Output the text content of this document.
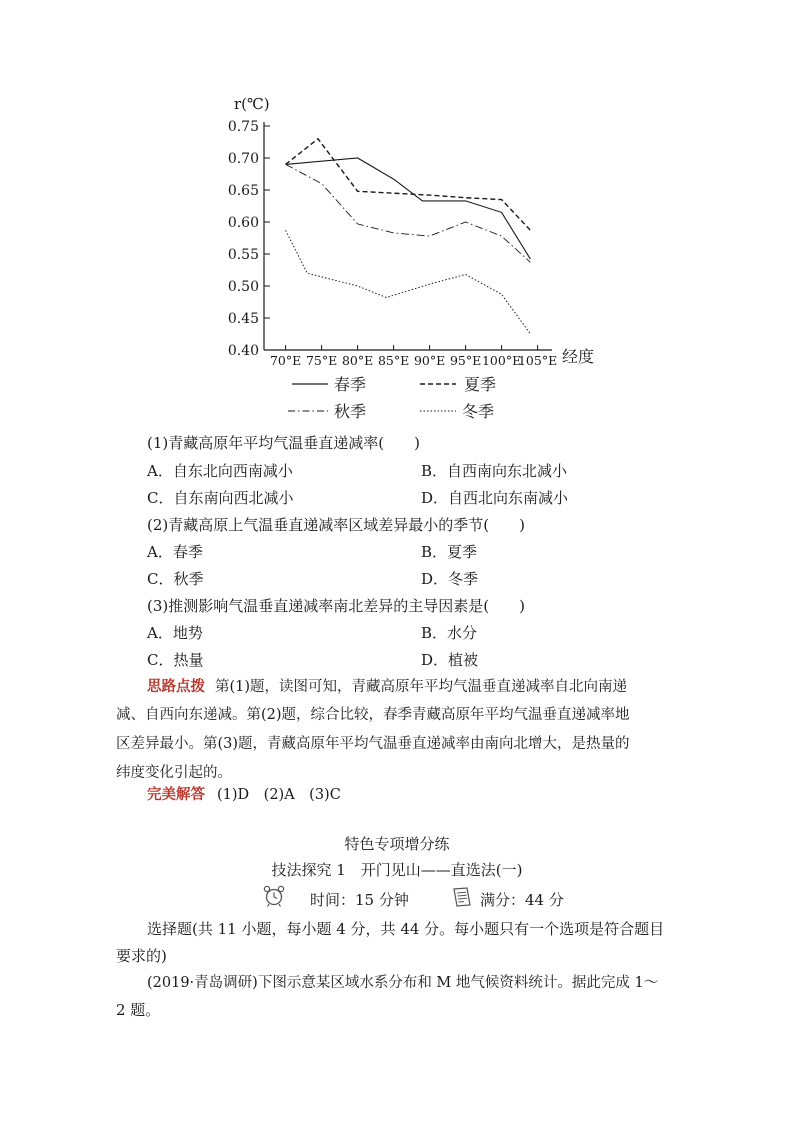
0.75
0.70
0.65
0.60
0.55
0.50
0.45
0.40
70°E 75°E 80°E 85°E 90°E 95°E 100°E
105°E
r(℃)
经度
春季	夏季
秋季	冬季
(1)青藏高原年平均气温垂直递减率(　　)
A．自东北向西南减小	B．自西南向东北减小
C．自东南向西北减小	D．自西北向东南减小
(2)青藏高原上气温垂直递减率区域差异最小的季节(　　)
A．春季	B．夏季
C．秋季	D．冬季
(3)推测影响气温垂直递减率南北差异的主导因素是(　　)
A．地势	B．水分
C．热量	D．植被
思路点拨 第(1)题，读图可知，青藏高原年平均气温垂直递减率自北向南递
减、自西向东递减。第(2)题，综合比较，春季青藏高原年平均气温垂直递减率地
区差异最小。第(3)题，青藏高原年平均气温垂直递减率由南向北增大，是热量的
纬度变化引起的。
完美解答 (1)D　(2)A　(3)C
特色专项增分练
技法探究 1　开门见山——直选法(一)
时间：15 分钟	满分：44 分
选择题(共 11 小题，每小题 4 分，共 44 分。每小题只有一个选项是符合题目
要求的)
(2019·青岛调研)下图示意某区域水系分布和 M 地气候资料统计。据此完成 1～
2 题。
